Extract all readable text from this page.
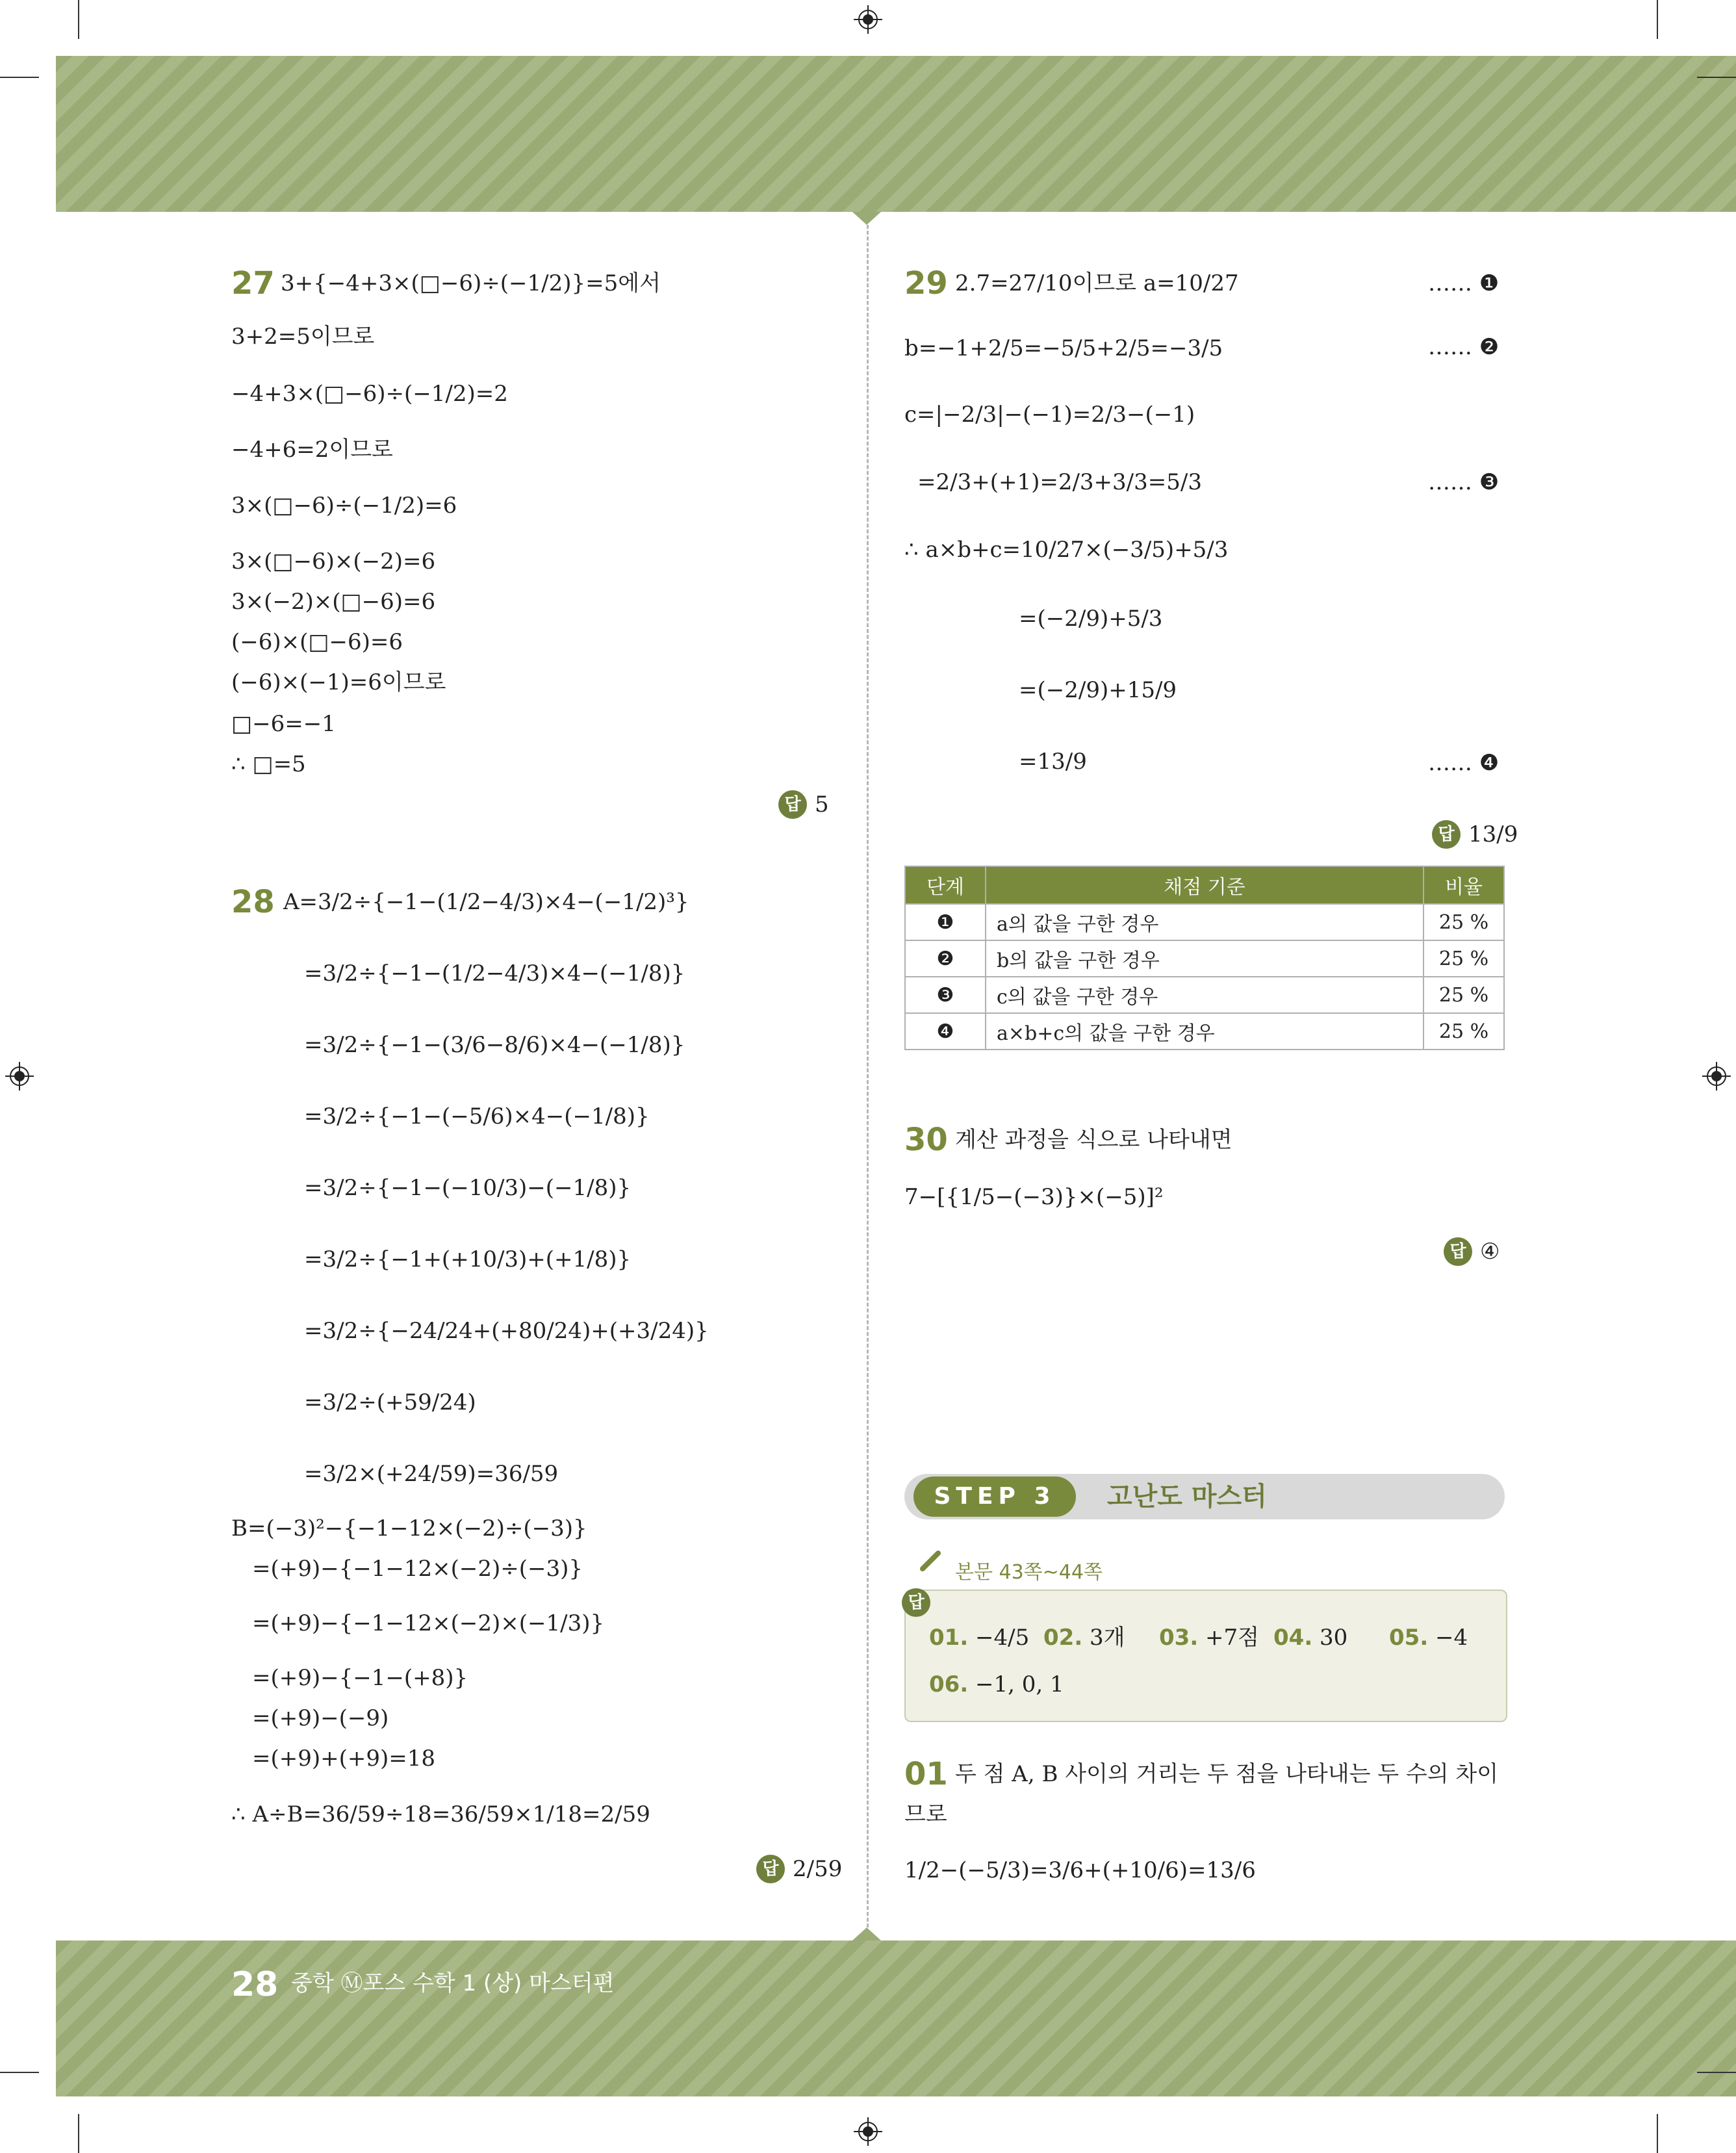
27 3+{−4+3×(□−6)÷(−1/2)}=5에서
3+2=5이므로
−4+3×(□−6)÷(−1/2)=2
−4+6=2이므로
3×(□−6)÷(−1/2)=6
3×(□−6)×(−2)=6
3×(−2)×(□−6)=6
(−6)×(□−6)=6
(−6)×(−1)=6이므로
□−6=−1
∴ □=5
답 5
28 A=3/2÷{−1−(1/2−4/3)×4−(−1/2)³}
=3/2÷{−1−(1/2−4/3)×4−(−1/8)}
=3/2÷{−1−(3/6−8/6)×4−(−1/8)}
=3/2÷{−1−(−5/6)×4−(−1/8)}
=3/2÷{−1−(−10/3)−(−1/8)}
=3/2÷{−1+(+10/3)+(+1/8)}
=3/2÷{−24/24+(+80/24)+(+3/24)}
=3/2÷(+59/24)
=3/2×(+24/59)=36/59
B=(−3)²−{−1−12×(−2)÷(−3)}
=(+9)−{−1−12×(−2)÷(−3)}
=(+9)−{−1−12×(−2)×(−1/3)}
=(+9)−{−1−(+8)}
=(+9)−(−9)
=(+9)+(+9)=18
∴ A÷B=36/59÷18=36/59×1/18=2/59
답 2/59
29 2.7=27/10이므로 a=10/27
b=−1+2/5=−5/5+2/5=−3/5
c=|−2/3|−(−1)=2/3−(−1)
=2/3+(+1)=2/3+3/3=5/3
∴ a×b+c=10/27×(−3/5)+5/3
=(−2/9)+5/3
=(−2/9)+15/9
=13/9
…… ❶
…… ❷
…… ❸
…… ❹
답 13/9
단계	채점 기준	비율
❶	a의 값을 구한 경우	25 %
❷	b의 값을 구한 경우	25 %
❸	c의 값을 구한 경우	25 %
❹	a×b+c의 값을 구한 경우	25 %
30 계산 과정을 식으로 나타내면
7−[{1/5−(−3)}×(−5)]²
답 ④
STEP 3	고난도 마스터
본문 43쪽~44쪽
답
01. −4/5 02. 3개 03. +7점 04. 30 05. −4
06. −1, 0, 1
01 두 점 A, B 사이의 거리는 두 점을 나타내는 두 수의 차이
므로
1/2−(−5/3)=3/6+(+10/6)=13/6
28 중학 Ⓜ포스 수학 1 (상) 마스터편
